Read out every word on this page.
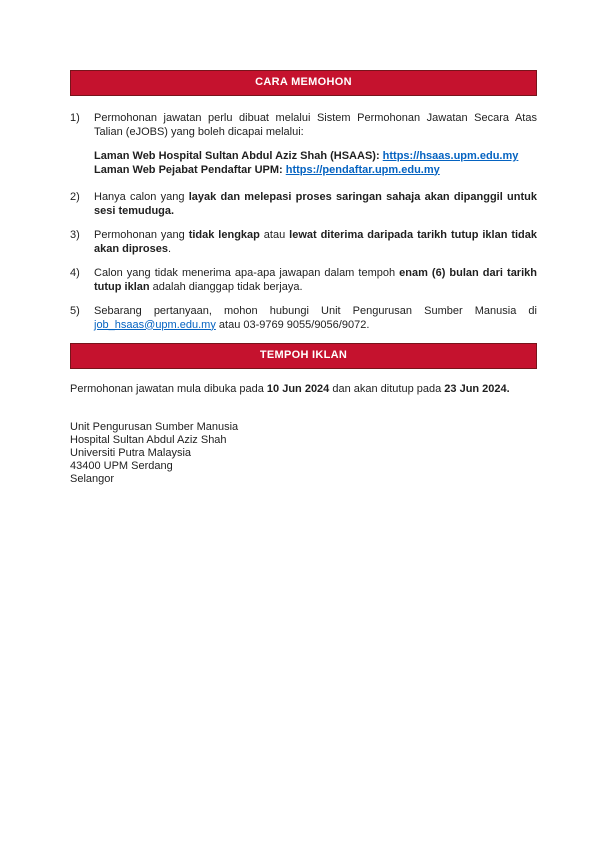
CARA MEMOHON
1)	Permohonan jawatan perlu dibuat melalui Sistem Permohonan Jawatan Secara Atas Talian (eJOBS) yang boleh dicapai melalui:
Laman Web Hospital Sultan Abdul Aziz Shah (HSAAS): https://hsaas.upm.edu.my
Laman Web Pejabat Pendaftar UPM: https://pendaftar.upm.edu.my
2)	Hanya calon yang layak dan melepasi proses saringan sahaja akan dipanggil untuk sesi temuduga.
3)	Permohonan yang tidak lengkap atau lewat diterima daripada tarikh tutup iklan tidak akan diproses.
4)	Calon yang tidak menerima apa-apa jawapan dalam tempoh enam (6) bulan dari tarikh tutup iklan adalah dianggap tidak berjaya.
5)	Sebarang pertanyaan, mohon hubungi Unit Pengurusan Sumber Manusia di job_hsaas@upm.edu.my atau 03-9769 9055/9056/9072.
TEMPOH IKLAN

Permohonan jawatan mula dibuka pada 10 Jun 2024 dan akan ditutup pada 23 Jun 2024.

Unit Pengurusan Sumber Manusia
Hospital Sultan Abdul Aziz Shah
Universiti Putra Malaysia
43400 UPM Serdang
Selangor
